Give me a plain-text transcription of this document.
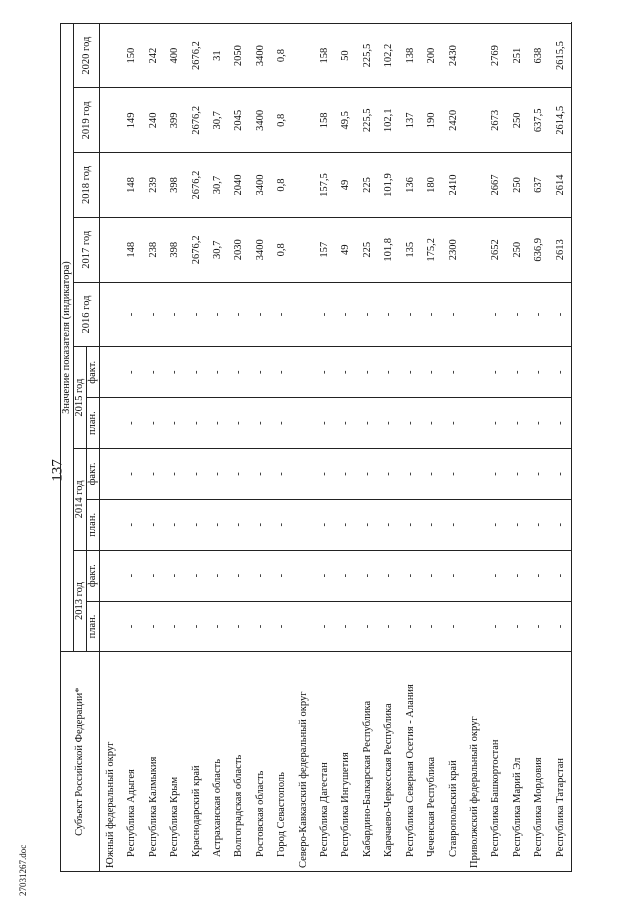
137
27031267.doc
Субъект Российской Федерации*	Значение показателя (индикатора)											
	2013 год		2014 год		2015 год		2016 год	2017 год	2018 год	2019 год	2020 год	
	план.	факт.	план.	факт.	план.	факт.						
Южный федеральный округ												
Республика Адыгея	-	-	-	-	-	-	-	148	148	149	150	
Республика Калмыкия	-	-	-	-	-	-	-	238	239	240	242	
Республика Крым	-	-	-	-	-	-	-	398	398	399	400	
Краснодарский край	-	-	-	-	-	-	-	2676,2	2676,2	2676,2	2676,2	
Астраханская область	-	-	-	-	-	-	-	30,7	30,7	30,7	31	
Волгоградская область	-	-	-	-	-	-	-	2030	2040	2045	2050	
Ростовская область	-	-	-	-	-	-	-	3400	3400	3400	3400	
Город Севастополь	-	-	-	-	-	-	-	0,8	0,8	0,8	0,8	
Северо-Кавказский федеральный округ												
Республика Дагестан	-	-	-	-	-	-	-	157	157,5	158	158	
Республика Ингушетия	-	-	-	-	-	-	-	49	49	49,5	50	
Кабардино-Балкарская Республика	-	-	-	-	-	-	-	225	225	225,5	225,5	
Карачаево-Черкесская Республика	-	-	-	-	-	-	-	101,8	101,9	102,1	102,2	
Республика Северная Осетия - Алания	-	-	-	-	-	-	-	135	136	137	138	
Чеченская Республика	-	-	-	-	-	-	-	175,2	180	190	200	
Ставропольский край	-	-	-	-	-	-	-	2300	2410	2420	2430	
Приволжский федеральный округ												
Республика Башкортостан	-	-	-	-	-	-	-	2652	2667	2673	2769	
Республика Марий Эл	-	-	-	-	-	-	-	250	250	250	251	
Республика Мордовия	-	-	-	-	-	-	-	636,9	637	637,5	638	
Республика Татарстан	-	-	-	-	-	-	-	2613	2614	2614,5	2615,5	
